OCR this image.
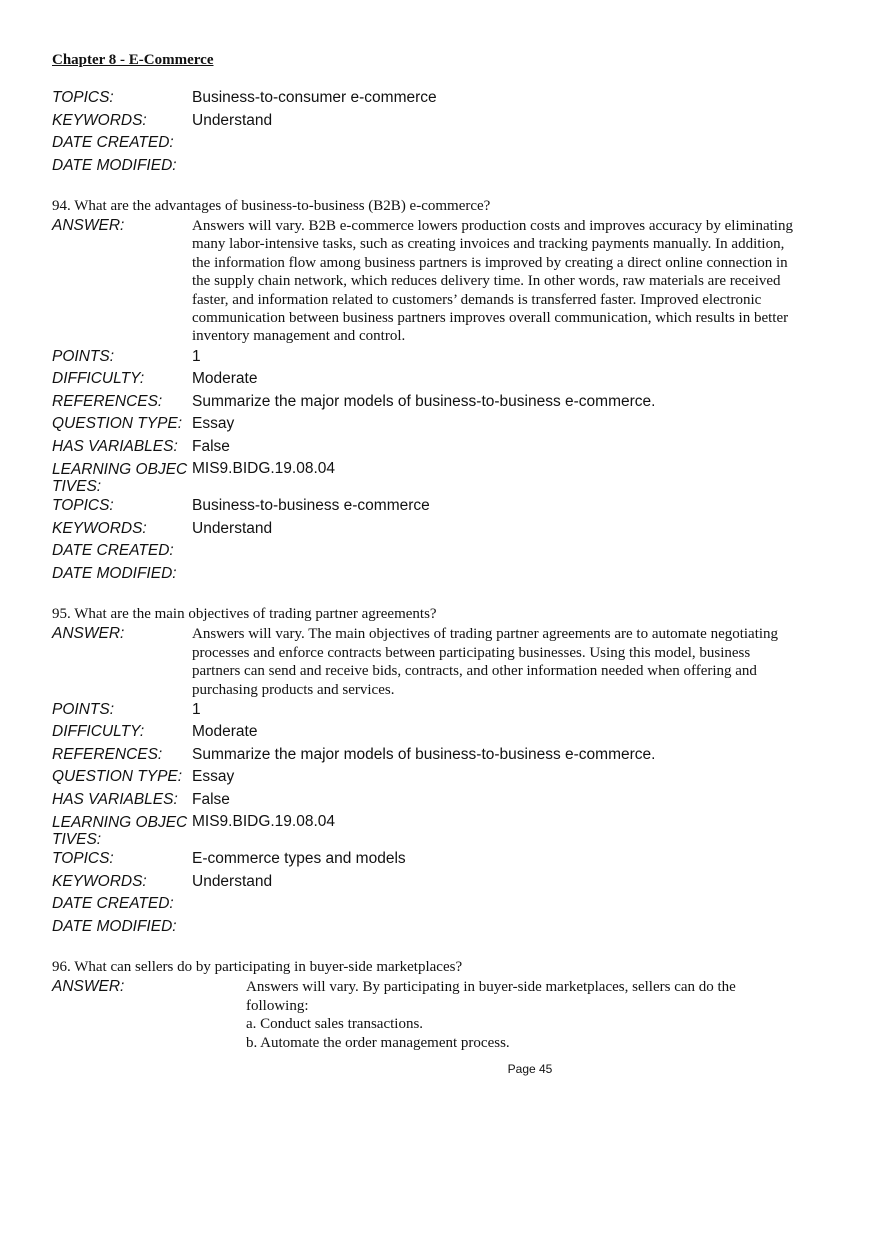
Chapter 8 - E-Commerce
TOPICS:	Business-to-consumer e-commerce
KEYWORDS:	Understand
DATE CREATED:
DATE MODIFIED:
94. What are the advantages of business-to-business (B2B) e-commerce?
ANSWER:	Answers will vary. B2B e-commerce lowers production costs and improves accuracy by eliminating
many labor-intensive tasks, such as creating invoices and tracking payments manually. In addition,
the information flow among business partners is improved by creating a direct online connection in
the supply chain network, which reduces delivery time. In other words, raw materials are received
faster, and information related to customers’ demands is transferred faster. Improved electronic
communication between business partners improves overall communication, which results in better
inventory management and control.
POINTS:	1
DIFFICULTY:	Moderate
REFERENCES:	Summarize the major models of business-to-business e-commerce.
QUESTION TYPE: Essay
HAS VARIABLES: False
LEARNING OBJEC
TIVES:
MIS9.BIDG.19.08.04
TOPICS:	Business-to-business e-commerce
KEYWORDS:	Understand
DATE CREATED:
DATE MODIFIED:
95. What are the main objectives of trading partner agreements?
ANSWER:	Answers will vary. The main objectives of trading partner agreements are to automate negotiating
processes and enforce contracts between participating businesses. Using this model, business
partners can send and receive bids, contracts, and other information needed when offering and
purchasing products and services.
POINTS:	1
DIFFICULTY:	Moderate
REFERENCES:	Summarize the major models of business-to-business e-commerce.
QUESTION TYPE: Essay
HAS VARIABLES: False
LEARNING OBJEC
TIVES:
MIS9.BIDG.19.08.04
TOPICS:	E-commerce types and models
KEYWORDS:	Understand
DATE CREATED:
DATE MODIFIED:
96. What can sellers do by participating in buyer-side marketplaces?
ANSWER:	Answers will vary. By participating in buyer-side marketplaces, sellers can do the
following:
a. Conduct sales transactions.
b. Automate the order management process.
Page 45
